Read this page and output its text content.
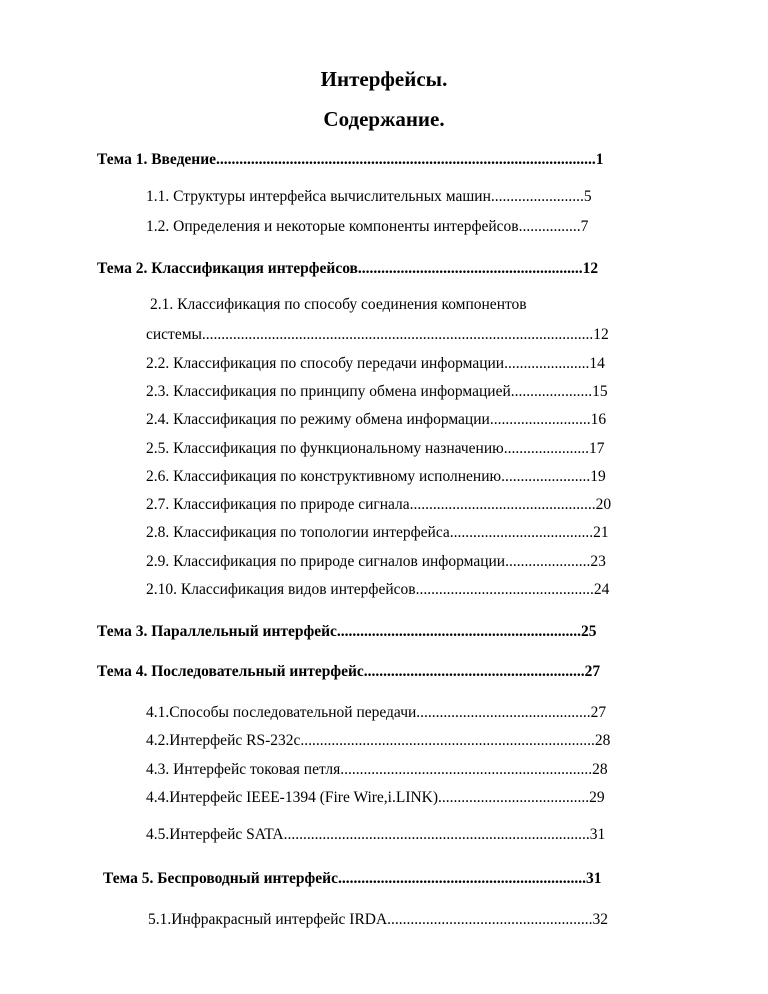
Интерфейсы.
Содержание.
Тема 1. Введение..................................................................................................1
1.1. Структуры интерфейса вычислительных машин........................5
1.2. Определения и некоторые компоненты интерфейсов................7
Тема 2. Классификация интерфейсов..........................................................12
2.1. Классификация по способу соединения компонентов
системы.....................................................................................................12
2.2. Классификация по способу передачи информации......................14
2.3. Классификация по принципу обмена информацией.....................15
2.4. Классификация по режиму обмена информации..........................16
2.5. Классификация по функциональному назначению......................17
2.6. Классификация по конструктивному исполнению.......................19
2.7. Классификация по природе сигнала................................................20
2.8. Классификация по топологии интерфейса.....................................21
2.9. Классификация по природе сигналов информации......................23
2.10. Классификация видов интерфейсов..............................................24
Тема 3. Параллельный интерфейс...............................................................25
Тема 4. Последовательный интерфейс.........................................................27
4.1.Способы последовательной передачи.............................................27
4.2.Интерфейс RS-232c............................................................................28
4.3. Интерфейс токовая петля.................................................................28
4.4.Интерфейс IEEE-1394 (Fire Wire,i.LINK).......................................29
4.5.Интерфейс SATA...............................................................................31
Тема 5. Беспроводный интерфейс................................................................31
5.1.Инфракрасный интерфейс IRDA.....................................................32
